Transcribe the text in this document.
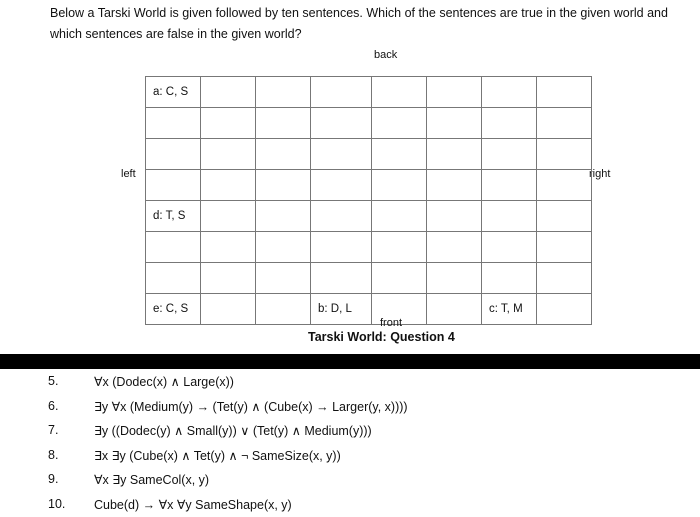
Below a Tarski World is given followed by ten sentences. Which of the sentences are true in the given world and which sentences are false in the given world?

back
left	right
a: C, S							

d: T, S							

e: C, S			b: D, L			c: T, M	
front
Tarski World: Question 4
5.	∀x (Dodec(x) ∧ Large(x))
6.	∃y ∀x (Medium(y) → (Tet(y) ∧ (Cube(x) → Larger(y, x))))
7.	∃y ((Dodec(y) ∧ Small(y)) ∨ (Tet(y) ∧ Medium(y)))
8.	∃x ∃y (Cube(x) ∧ Tet(y) ∧ ¬ SameSize(x, y))
9.	∀x ∃y SameCol(x, y)
10. Cube(d) → ∀x ∀y SameShape(x, y)
